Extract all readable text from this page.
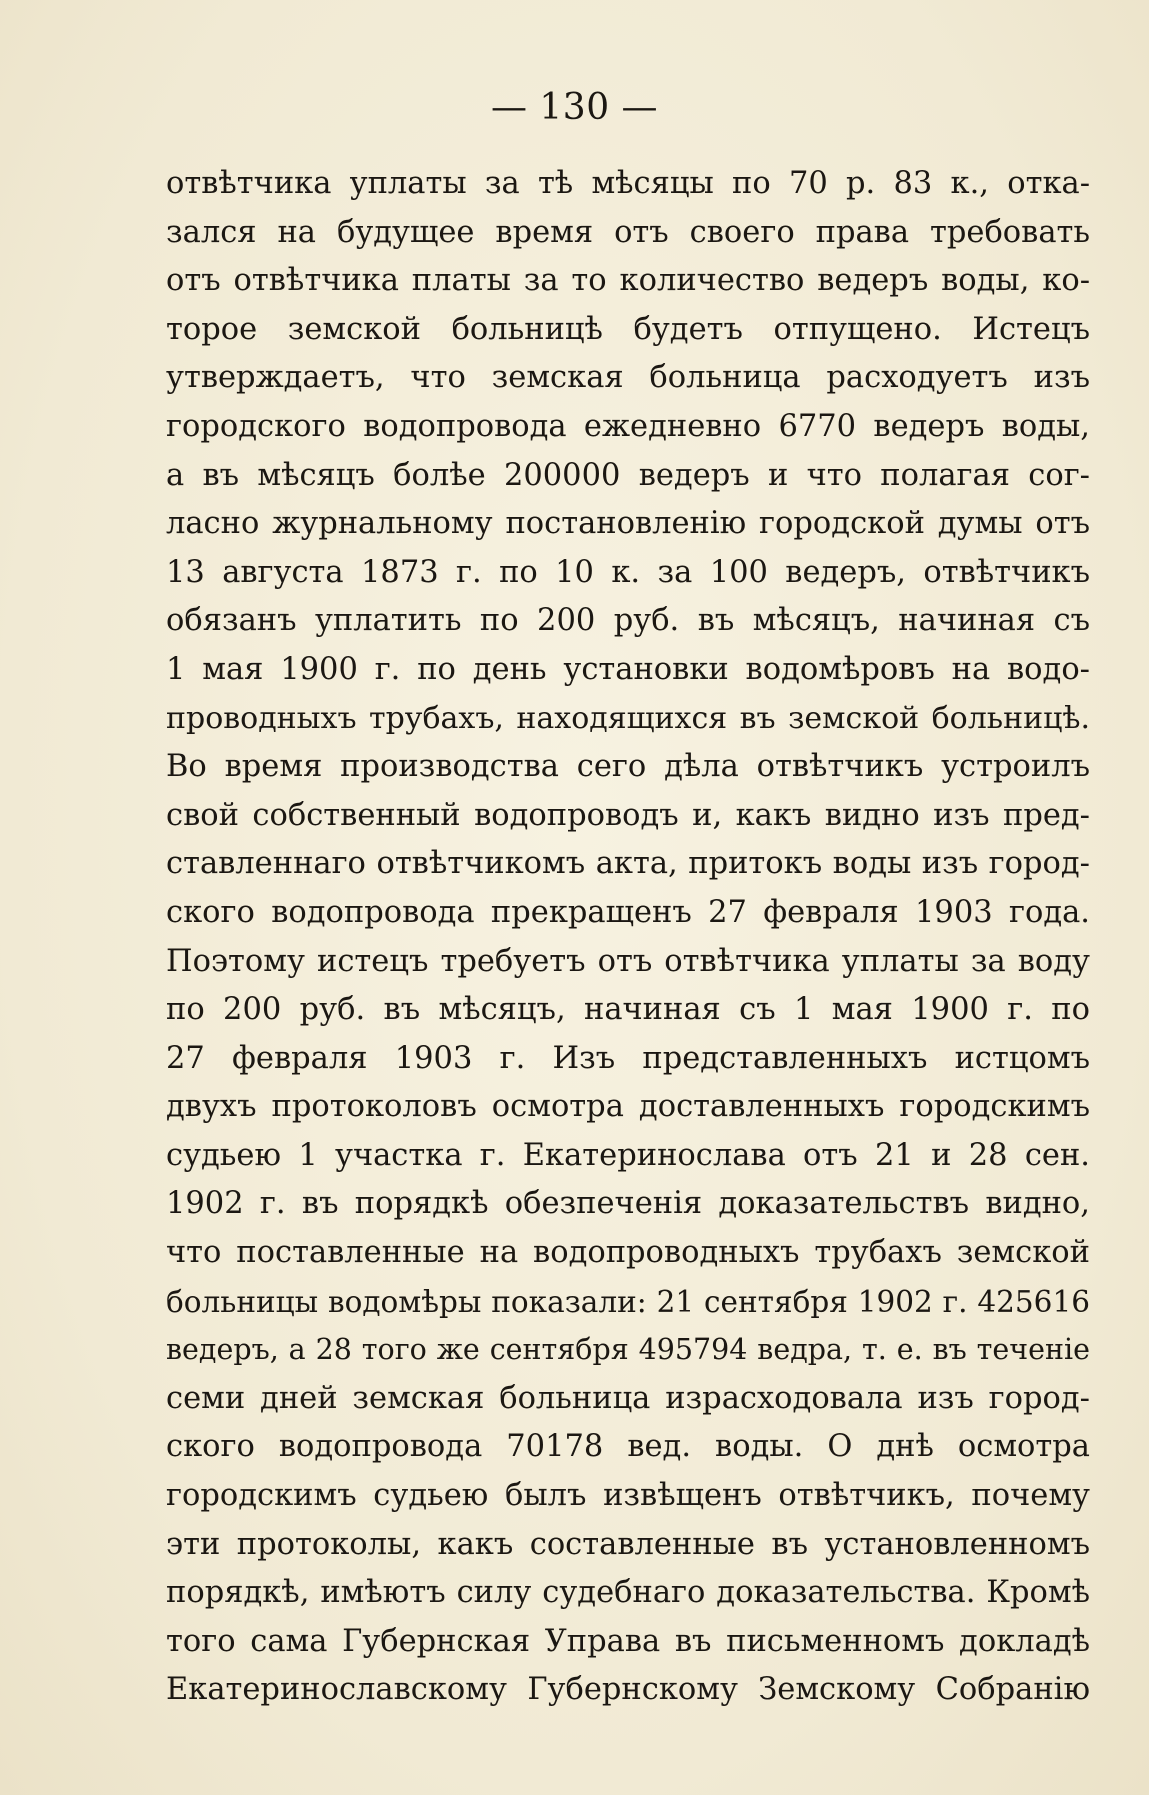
— 130 —
отвѣтчика уплаты за тѣ мѣсяцы по 70 р. 83 к., отка-
зался на будущее время отъ своего права требовать
отъ отвѣтчика платы за то количество ведеръ воды, ко-
торое земской больницѣ будетъ отпущено. Истецъ
утверждаетъ, что земская больница расходуетъ изъ
городского водопровода ежедневно 6770 ведеръ воды,
а въ мѣсяцъ болѣе 200000 ведеръ и что полагая сог-
ласно журнальному постановленію городской думы отъ
13 августа 1873 г. по 10 к. за 100 ведеръ, отвѣтчикъ
обязанъ уплатить по 200 руб. въ мѣсяцъ, начиная съ
1 мая 1900 г. по день установки водомѣровъ на водо-
проводныхъ трубахъ, находящихся въ земской больницѣ.
Во время производства сего дѣла отвѣтчикъ устроилъ
свой собственный водопроводъ и, какъ видно изъ пред-
ставленнаго отвѣтчикомъ акта, притокъ воды изъ город-
ского водопровода прекращенъ 27 февраля 1903 года.
Поэтому истецъ требуетъ отъ отвѣтчика уплаты за воду
по 200 руб. въ мѣсяцъ, начиная съ 1 мая 1900 г. по
27 февраля 1903 г. Изъ представленныхъ истцомъ
двухъ протоколовъ осмотра доставленныхъ городскимъ
судьею 1 участка г. Екатеринослава отъ 21 и 28 сен.
1902 г. въ порядкѣ обезпеченія доказательствъ видно,
что поставленные на водопроводныхъ трубахъ земской
больницы водомѣры показали: 21 сентября 1902 г. 425616
ведеръ, а 28 того же сентября 495794 ведра, т. е. въ теченіе
семи дней земская больница израсходовала изъ город-
ского водопровода 70178 вед. воды. О днѣ осмотра
городскимъ судьею былъ извѣщенъ отвѣтчикъ, почему
эти протоколы, какъ составленные въ установленномъ
порядкѣ, имѣютъ силу судебнаго доказательства. Кромѣ
того сама Губернская Управа въ письменномъ докладѣ
Екатеринославскому Губернскому Земскому Собранію
